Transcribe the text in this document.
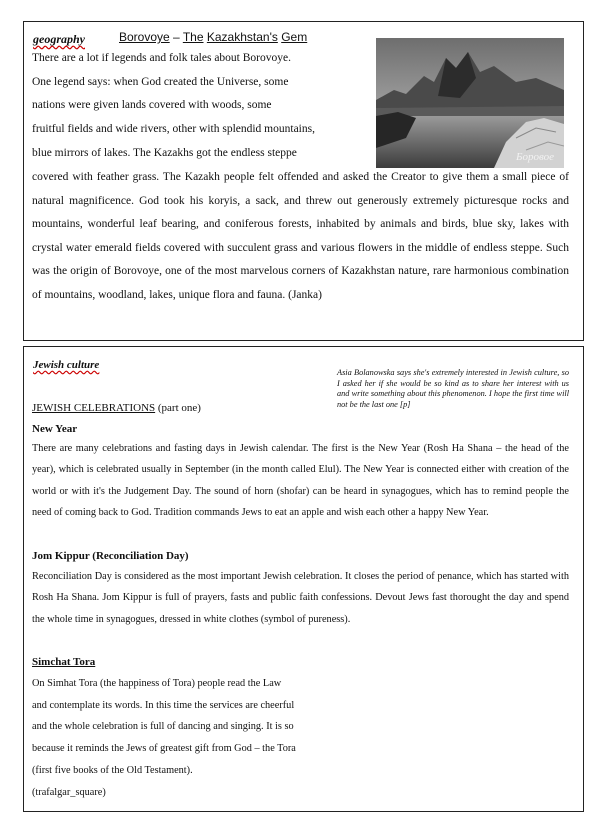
geography	Borovoye – The Kazakhstan's Gem
There are a lot if legends and folk tales about Borovoye.
One legend says: when God created the Universe, some
nations were given lands covered with woods, some
fruitful fields and wide rivers, other with splendid mountains,
blue mirrors of lakes. The Kazakhs got the endless steppe	Боровое
covered with feather grass. The Kazakh people felt offended and asked the Creator to give them a small piece of natural magnificence. God took his koryis, a sack, and threw out generously extremely picturesque rocks and mountains, wonderful leaf bearing, and coniferous forests, inhabited by animals and birds, blue sky, lakes with crystal water emerald fields covered with succulent grass and various flowers in the middle of endless steppe. Such was the origin of Borovoye, one of the most marvelous corners of Kazakhstan nature, rare harmonious combination of mountains, woodland, lakes, unique flora and fauna. (Janka)
Jewish culture
Asia Bolanowska says she's extremely interested in Jewish culture, so I asked her if she would be so kind as to share her interest with us and write something about this phenomenon. I hope the first time will not be the last one [p]
JEWISH CELEBRATIONS (part one)
New Year
There are many celebrations and fasting days in Jewish calendar. The first is the New Year (Rosh Ha Shana – the head of the year), which is celebrated usually in September (in the month called Elul). The New Year is connected either with creation of the world or with it's the Judgement Day. The sound of horn (shofar) can be heard in synagogues, which has to remind people the need of coming back to God. Tradition commands Jews to eat an apple and wish each other a happy New Year.
Jom Kippur (Reconciliation Day)
Reconciliation Day is considered as the most important Jewish celebration. It closes the period of penance, which has started with Rosh Ha Shana. Jom Kippur is full of prayers, fasts and public faith confessions. Devout Jews fast thorought the day and spend the whole time in synagogues, dressed in white clothes (symbol of pureness).
Simchat Tora
On Simhat Tora (the happiness of Tora) people read the Law
and contemplate its words. In this time the services are cheerful
and the whole celebration is full of dancing and singing. It is so
because it reminds the Jews of greatest gift from God – the Tora
(first five books of the Old Testament).
(trafalgar_square)
